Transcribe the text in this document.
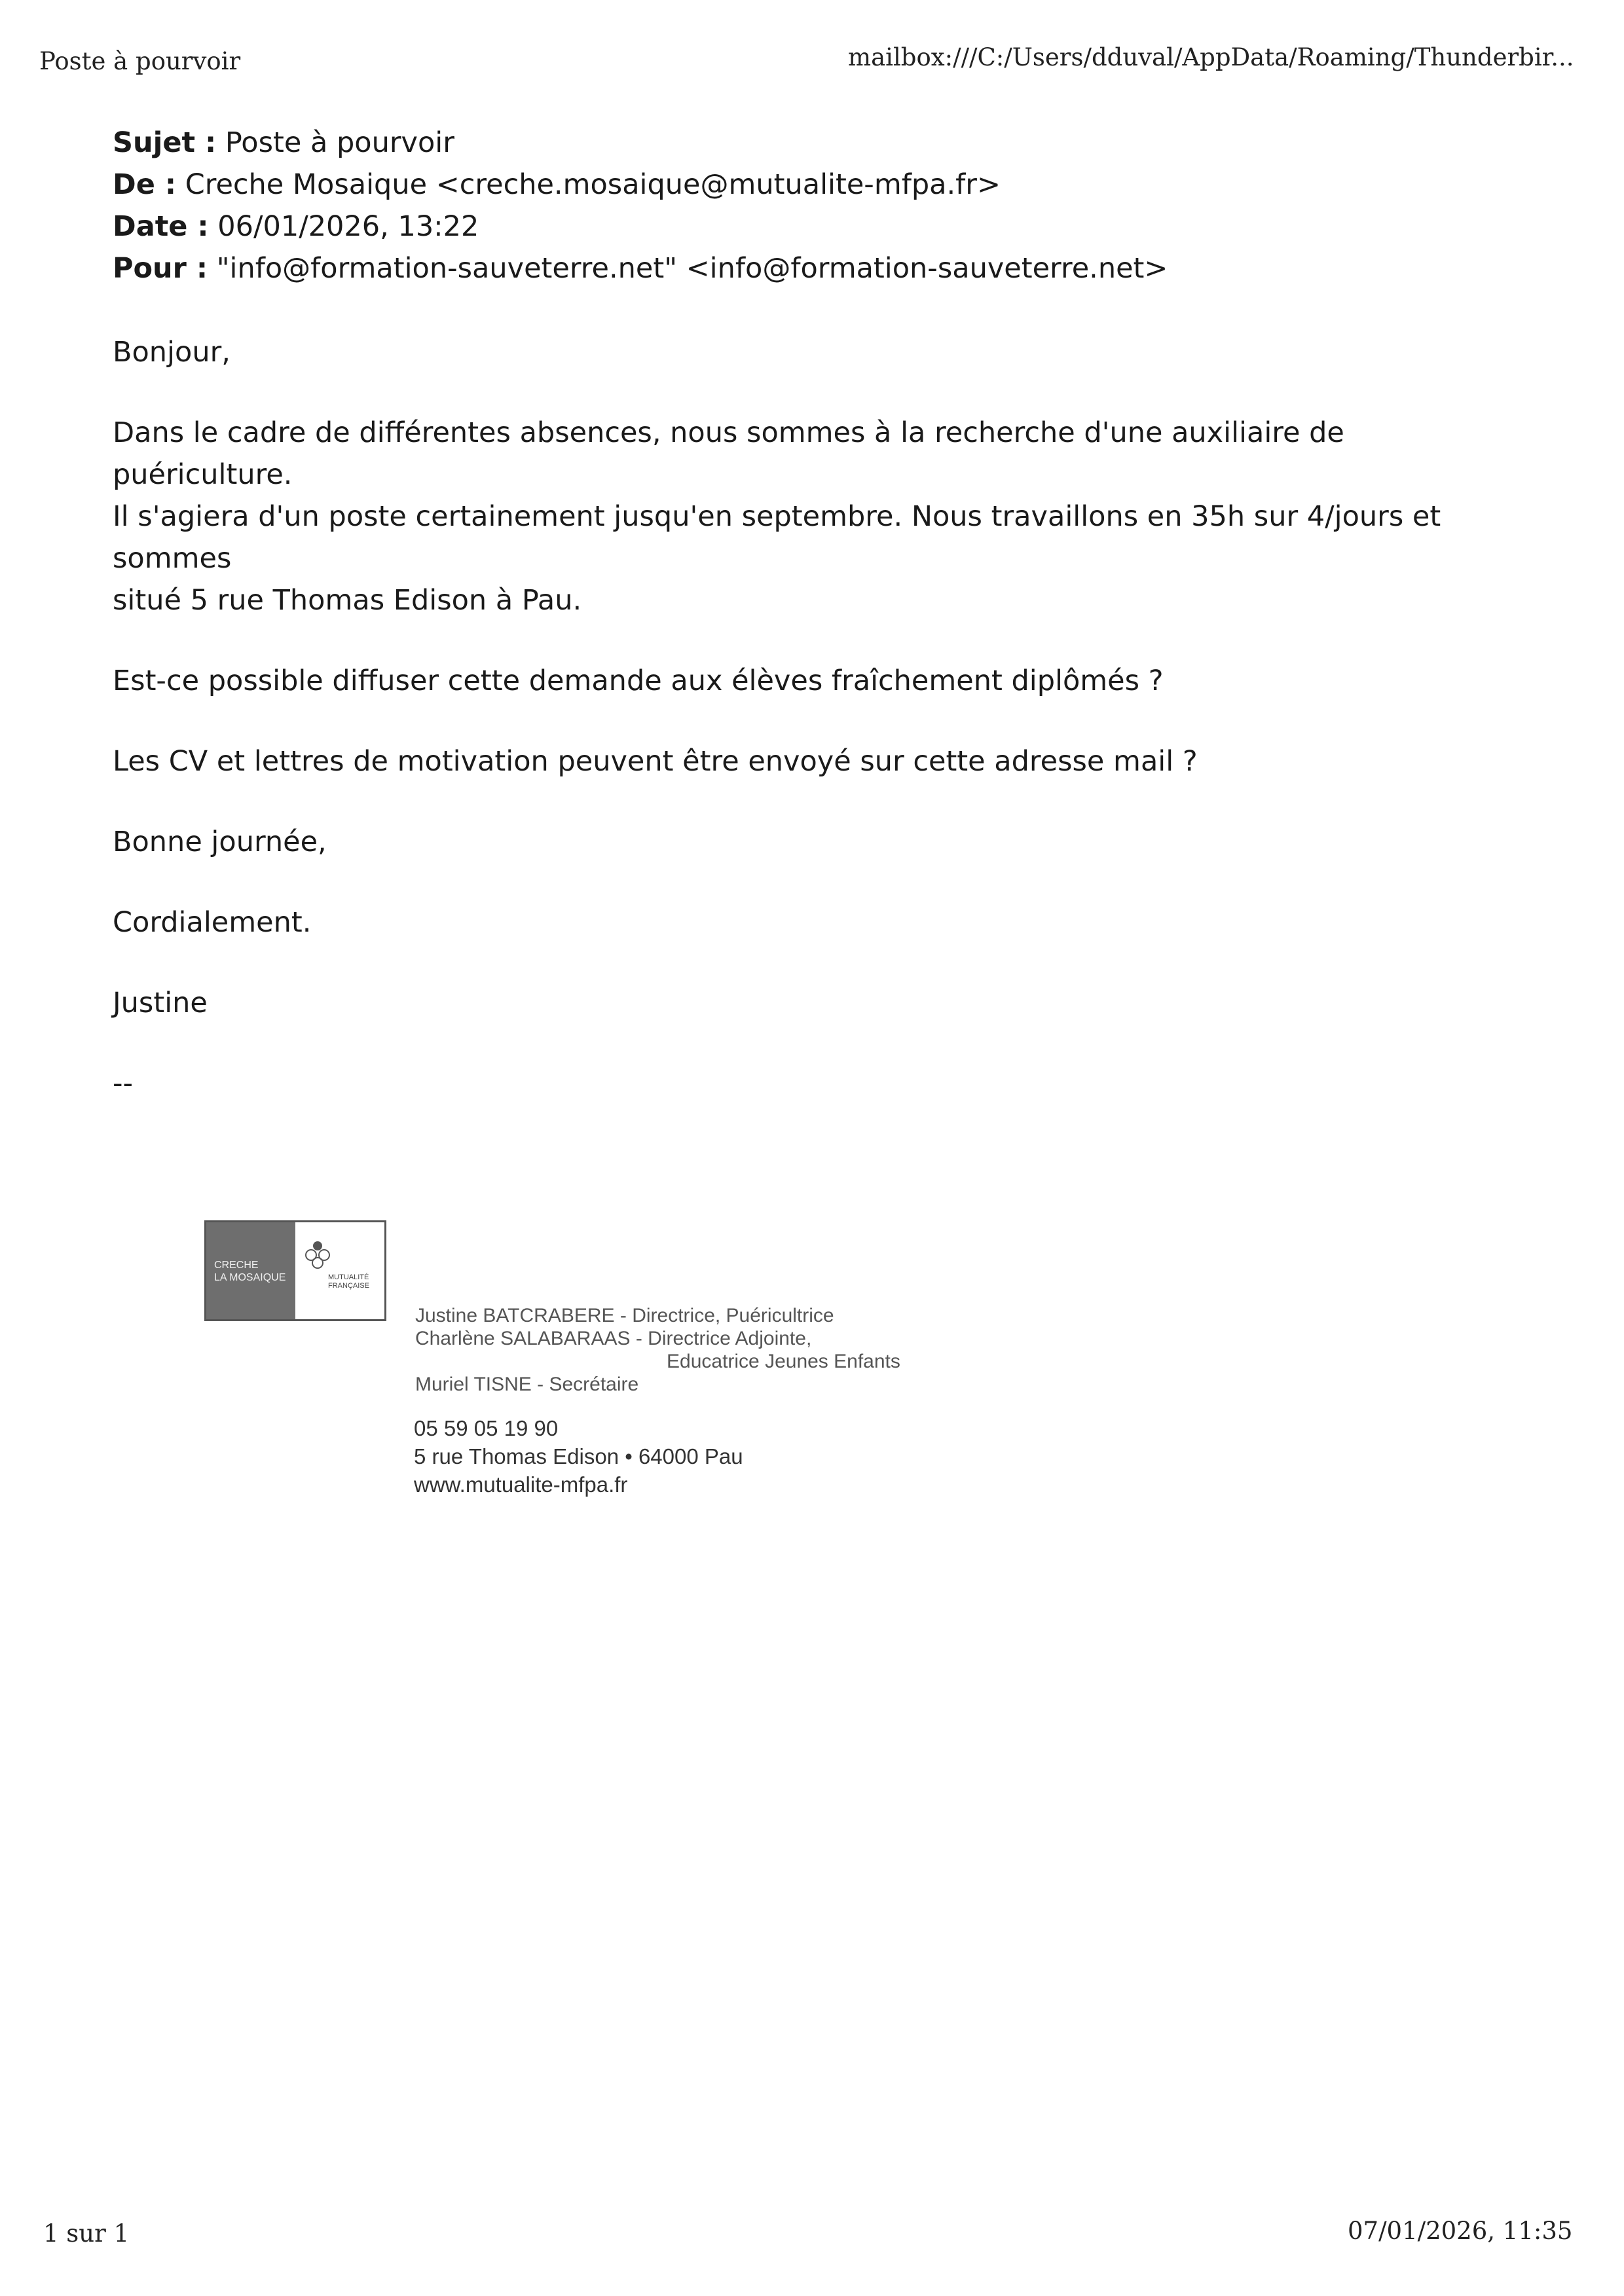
Poste à pourvoir	mailbox:///C:/Users/dduval/AppData/Roaming/Thunderbir...
Sujet : Poste à pourvoir
De : Creche Mosaique <creche.mosaique@mutualite-mfpa.fr>
Date : 06/01/2026, 13:22
Pour : "info@formation-sauveterre.net" <info@formation-sauveterre.net>

Bonjour,

Dans le cadre de différentes absences, nous sommes à la recherche d'une auxiliaire de puériculture.

Il s'agiera d'un poste certainement jusqu'en septembre. Nous travaillons en 35h sur 4/jours et sommes

situé 5 rue Thomas Edison à Pau.

Est-ce possible diffuser cette demande aux élèves fraîchement diplômés ?

Les CV et lettres de motivation peuvent être envoyé sur cette adresse mail ?

Bonne journée,

Cordialement.

Justine

--

CRECHE
LA MOSAIQUE	MUTUALITÉ
FRANÇAISE
Justine BATCRABERE - Directrice, Puéricultrice
Charlène SALABARAAS - Directrice Adjointe,
Educatrice Jeunes Enfants
Muriel TISNE - Secrétaire
05 59 05 19 90
5 rue Thomas Edison • 64000 Pau
www.mutualite-mfpa.fr
1 sur 1	07/01/2026, 11:35
